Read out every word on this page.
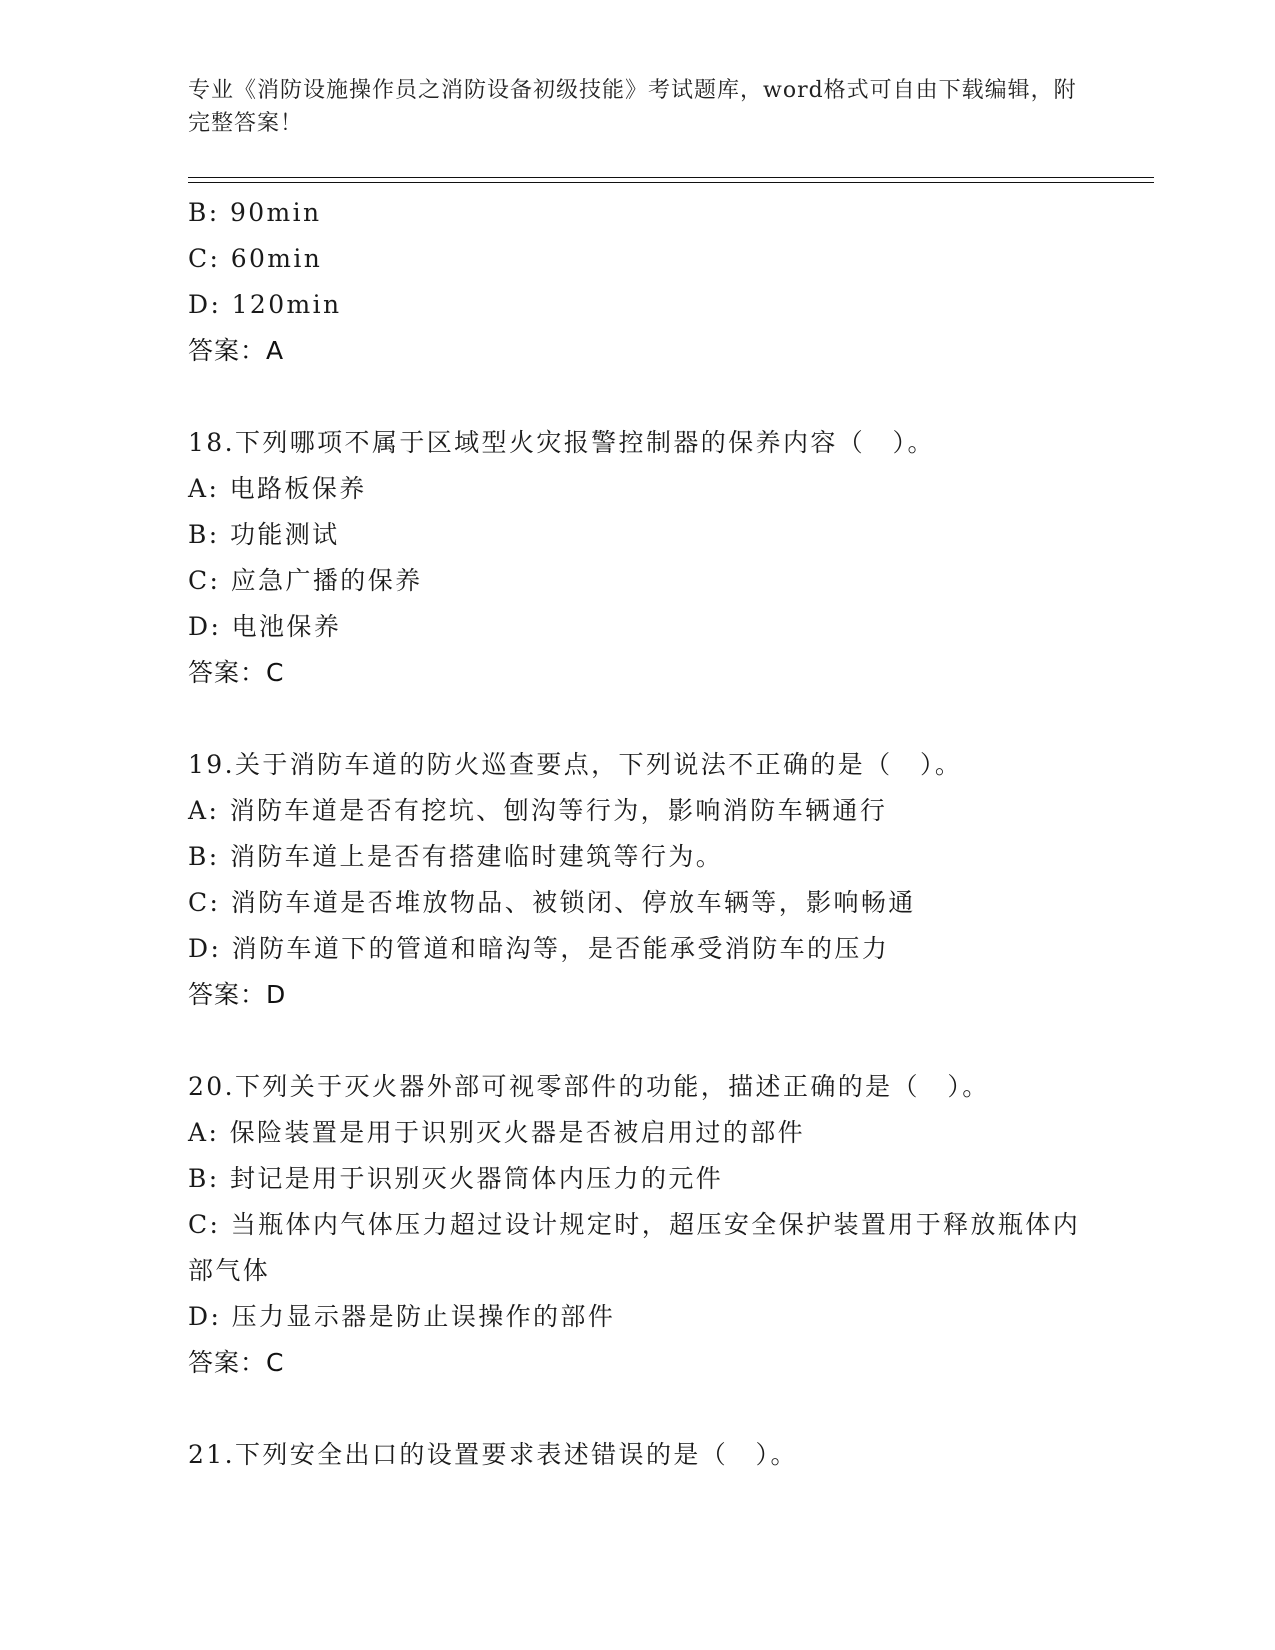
专业《消防设施操作员之消防设备初级技能》考试题库，word格式可自由下载编辑，附完整答案！
B: 90min
C: 60min
D: 120min
答案：A
18.下列哪项不属于区域型火灾报警控制器的保养内容（　）。
A: 电路板保养
B: 功能测试
C: 应急广播的保养
D: 电池保养
答案：C
19.关于消防车道的防火巡查要点，下列说法不正确的是（　）。
A: 消防车道是否有挖坑、刨沟等行为，影响消防车辆通行
B: 消防车道上是否有搭建临时建筑等行为。
C: 消防车道是否堆放物品、被锁闭、停放车辆等，影响畅通
D: 消防车道下的管道和暗沟等，是否能承受消防车的压力
答案：D
20.下列关于灭火器外部可视零部件的功能，描述正确的是（　）。
A: 保险装置是用于识别灭火器是否被启用过的部件
B: 封记是用于识别灭火器筒体内压力的元件
C: 当瓶体内气体压力超过设计规定时，超压安全保护装置用于释放瓶体内部气体
D: 压力显示器是防止误操作的部件
答案：C
21.下列安全出口的设置要求表述错误的是（　）。
